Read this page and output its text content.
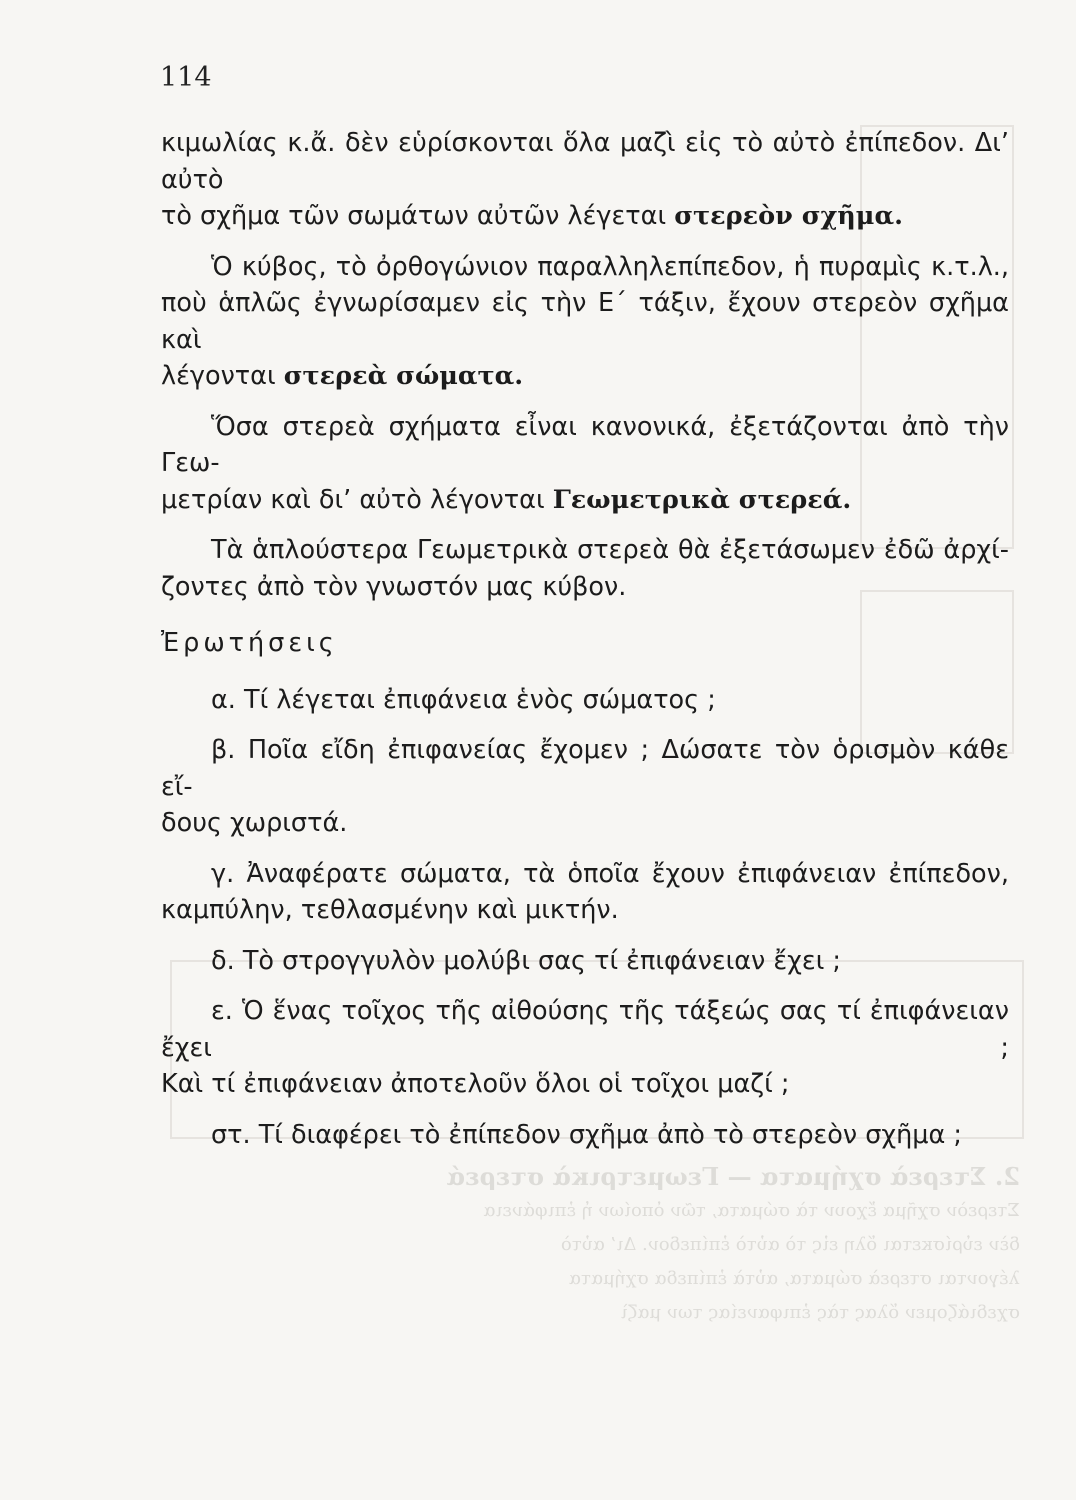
2. Στερεὰ σχήματα — Γεωμετρικὰ στερεά

Στερεὸν σχῆμα ἔχουν τὰ σώματα, τῶν ὁποίων ἡ ἐπιφάνεια

δὲν εὑρίσκεται ὅλη εἰς τὸ αὐτὸ ἐπίπεδον. Δι’ αὐτὸ

λέγονται στερεὰ σώματα, αὐτὰ ἐπίπεδα σχήματα

σχεδιάζομεν ὅλας τὰς ἐπιφανείας των μαζὶ

114

κιμωλίας κ.ἄ. δὲν εὑρίσκονται ὅλα μαζὶ εἰς τὸ αὐτὸ ἐπίπεδον. Δι’ αὐτὸ

τὸ σχῆμα τῶν σωμάτων αὐτῶν λέγεται στερεὸν σχῆμα.

Ὁ κύβος, τὸ ὀρθογώνιον παραλληλεπίπεδον, ἡ πυραμὶς κ.τ.λ.,

ποὺ ἁπλῶς ἐγνωρίσαμεν εἰς τὴν Ε΄ τάξιν, ἔχουν στερεὸν σχῆμα καὶ

λέγονται στερεὰ σώματα.

Ὅσα στερεὰ σχήματα εἶναι κανονικά, ἐξετάζονται ἀπὸ τὴν Γεω-

μετρίαν καὶ δι’ αὐτὸ λέγονται Γεωμετρικὰ στερεά.

Τὰ ἁπλούστερα Γεωμετρικὰ στερεὰ θὰ ἐξετάσωμεν ἐδῶ ἀρχί-

ζοντες ἀπὸ τὸν γνωστόν μας κύβον.

Ἐρωτήσεις

α. Τί λέγεται ἐπιφάνεια ἑνὸς σώματος ;

β. Ποῖα εἴδη ἐπιφανείας ἔχομεν ; Δώσατε τὸν ὁρισμὸν κάθε εἴ-

δους χωριστά.

γ. Ἀναφέρατε σώματα, τὰ ὁποῖα ἔχουν ἐπιφάνειαν ἐπίπεδον,

καμπύλην, τεθλασμένην καὶ μικτήν.

δ. Τὸ στρογγυλὸν μολύβι σας τί ἐπιφάνειαν ἔχει ;

ε. Ὁ ἕνας τοῖχος τῆς αἰθούσης τῆς τάξεώς σας τί ἐπιφάνειαν ἔχει ;

Καὶ τί ἐπιφάνειαν ἀποτελοῦν ὅλοι οἱ τοῖχοι μαζί ;

στ. Τί διαφέρει τὸ ἐπίπεδον σχῆμα ἀπὸ τὸ στερεὸν σχῆμα ;
